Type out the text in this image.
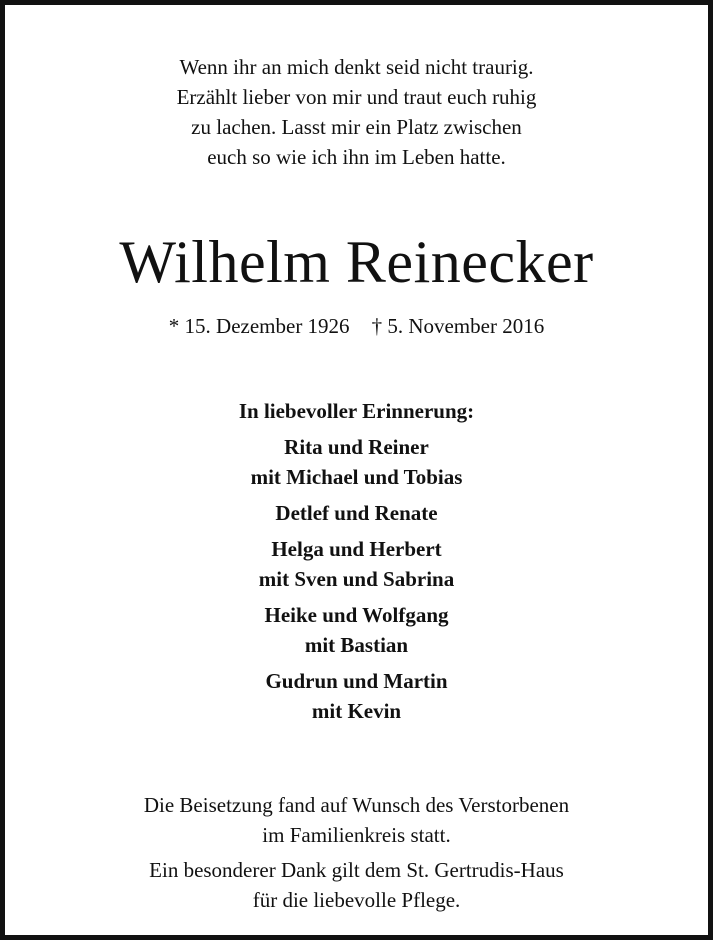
Wenn ihr an mich denkt seid nicht traurig.
Erzählt lieber von mir und traut euch ruhig
zu lachen. Lasst mir ein Platz zwischen
euch so wie ich ihn im Leben hatte.
Wilhelm Reinecker
* 15. Dezember 1926 † 5. November 2016
In liebevoller Erinnerung:
Rita und Reiner
mit Michael und Tobias
Detlef und Renate
Helga und Herbert
mit Sven und Sabrina
Heike und Wolfgang
mit Bastian
Gudrun und Martin
mit Kevin
Die Beisetzung fand auf Wunsch des Verstorbenen
im Familienkreis statt.
Ein besonderer Dank gilt dem St. Gertrudis-Haus
für die liebevolle Pflege.
